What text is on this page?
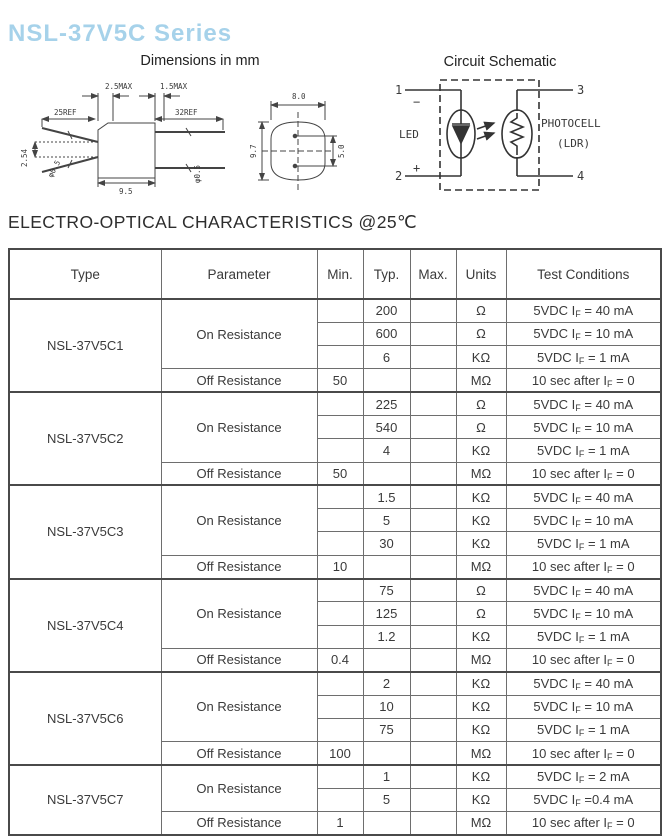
NSL-37V5C Series
Dimensions in mm	Circuit Schematic
2.5MAX	1.5MAX
25REF	32REF
2.54
φ0.5
9.5
φ0.5
8.0
9.7	5.0
1
−
2
+
3
4
LED
PHOTOCELL
(LDR)
ELECTRO-OPTICAL CHARACTERISTICS @25℃
Type	Parameter	Min.	Typ.	Max.	Units	Test Conditions
NSL-37V5C1	On Resistance		200		Ω	5VDC $I_F = 40$ mA
			600		Ω	5VDC $I_F = 10$ mA
			6		KΩ	5VDC $I_F = 1$ mA
	Off Resistance	50			MΩ	10 sec after $I_F = 0$
NSL-37V5C2	On Resistance		225		Ω	5VDC $I_F = 40$ mA
			540		Ω	5VDC $I_F = 10$ mA
			4		KΩ	5VDC $I_F = 1$ mA
	Off Resistance	50			MΩ	10 sec after $I_F = 0$
NSL-37V5C3	On Resistance		1.5		KΩ	5VDC $I_F = 40$ mA
			5		KΩ	5VDC $I_F = 10$ mA
			30		KΩ	5VDC $I_F = 1$ mA
	Off Resistance	10			MΩ	10 sec after $I_F = 0$
NSL-37V5C4	On Resistance		75		Ω	5VDC $I_F = 40$ mA
			125		Ω	5VDC $I_F = 10$ mA
			1.2		KΩ	5VDC $I_F = 1$ mA
	Off Resistance	0.4			MΩ	10 sec after $I_F = 0$
NSL-37V5C6	On Resistance		2		KΩ	5VDC $I_F = 40$ mA
			10		KΩ	5VDC $I_F = 10$ mA
			75		KΩ	5VDC $I_F = 1$ mA
	Off Resistance	100			MΩ	10 sec after $I_F = 0$
NSL-37V5C7	On Resistance		1		KΩ	5VDC $I_F = 2$ mA
			5		KΩ	5VDC $I_F =0.4$ mA
	Off Resistance	1			MΩ	10 sec after $I_F = 0$
